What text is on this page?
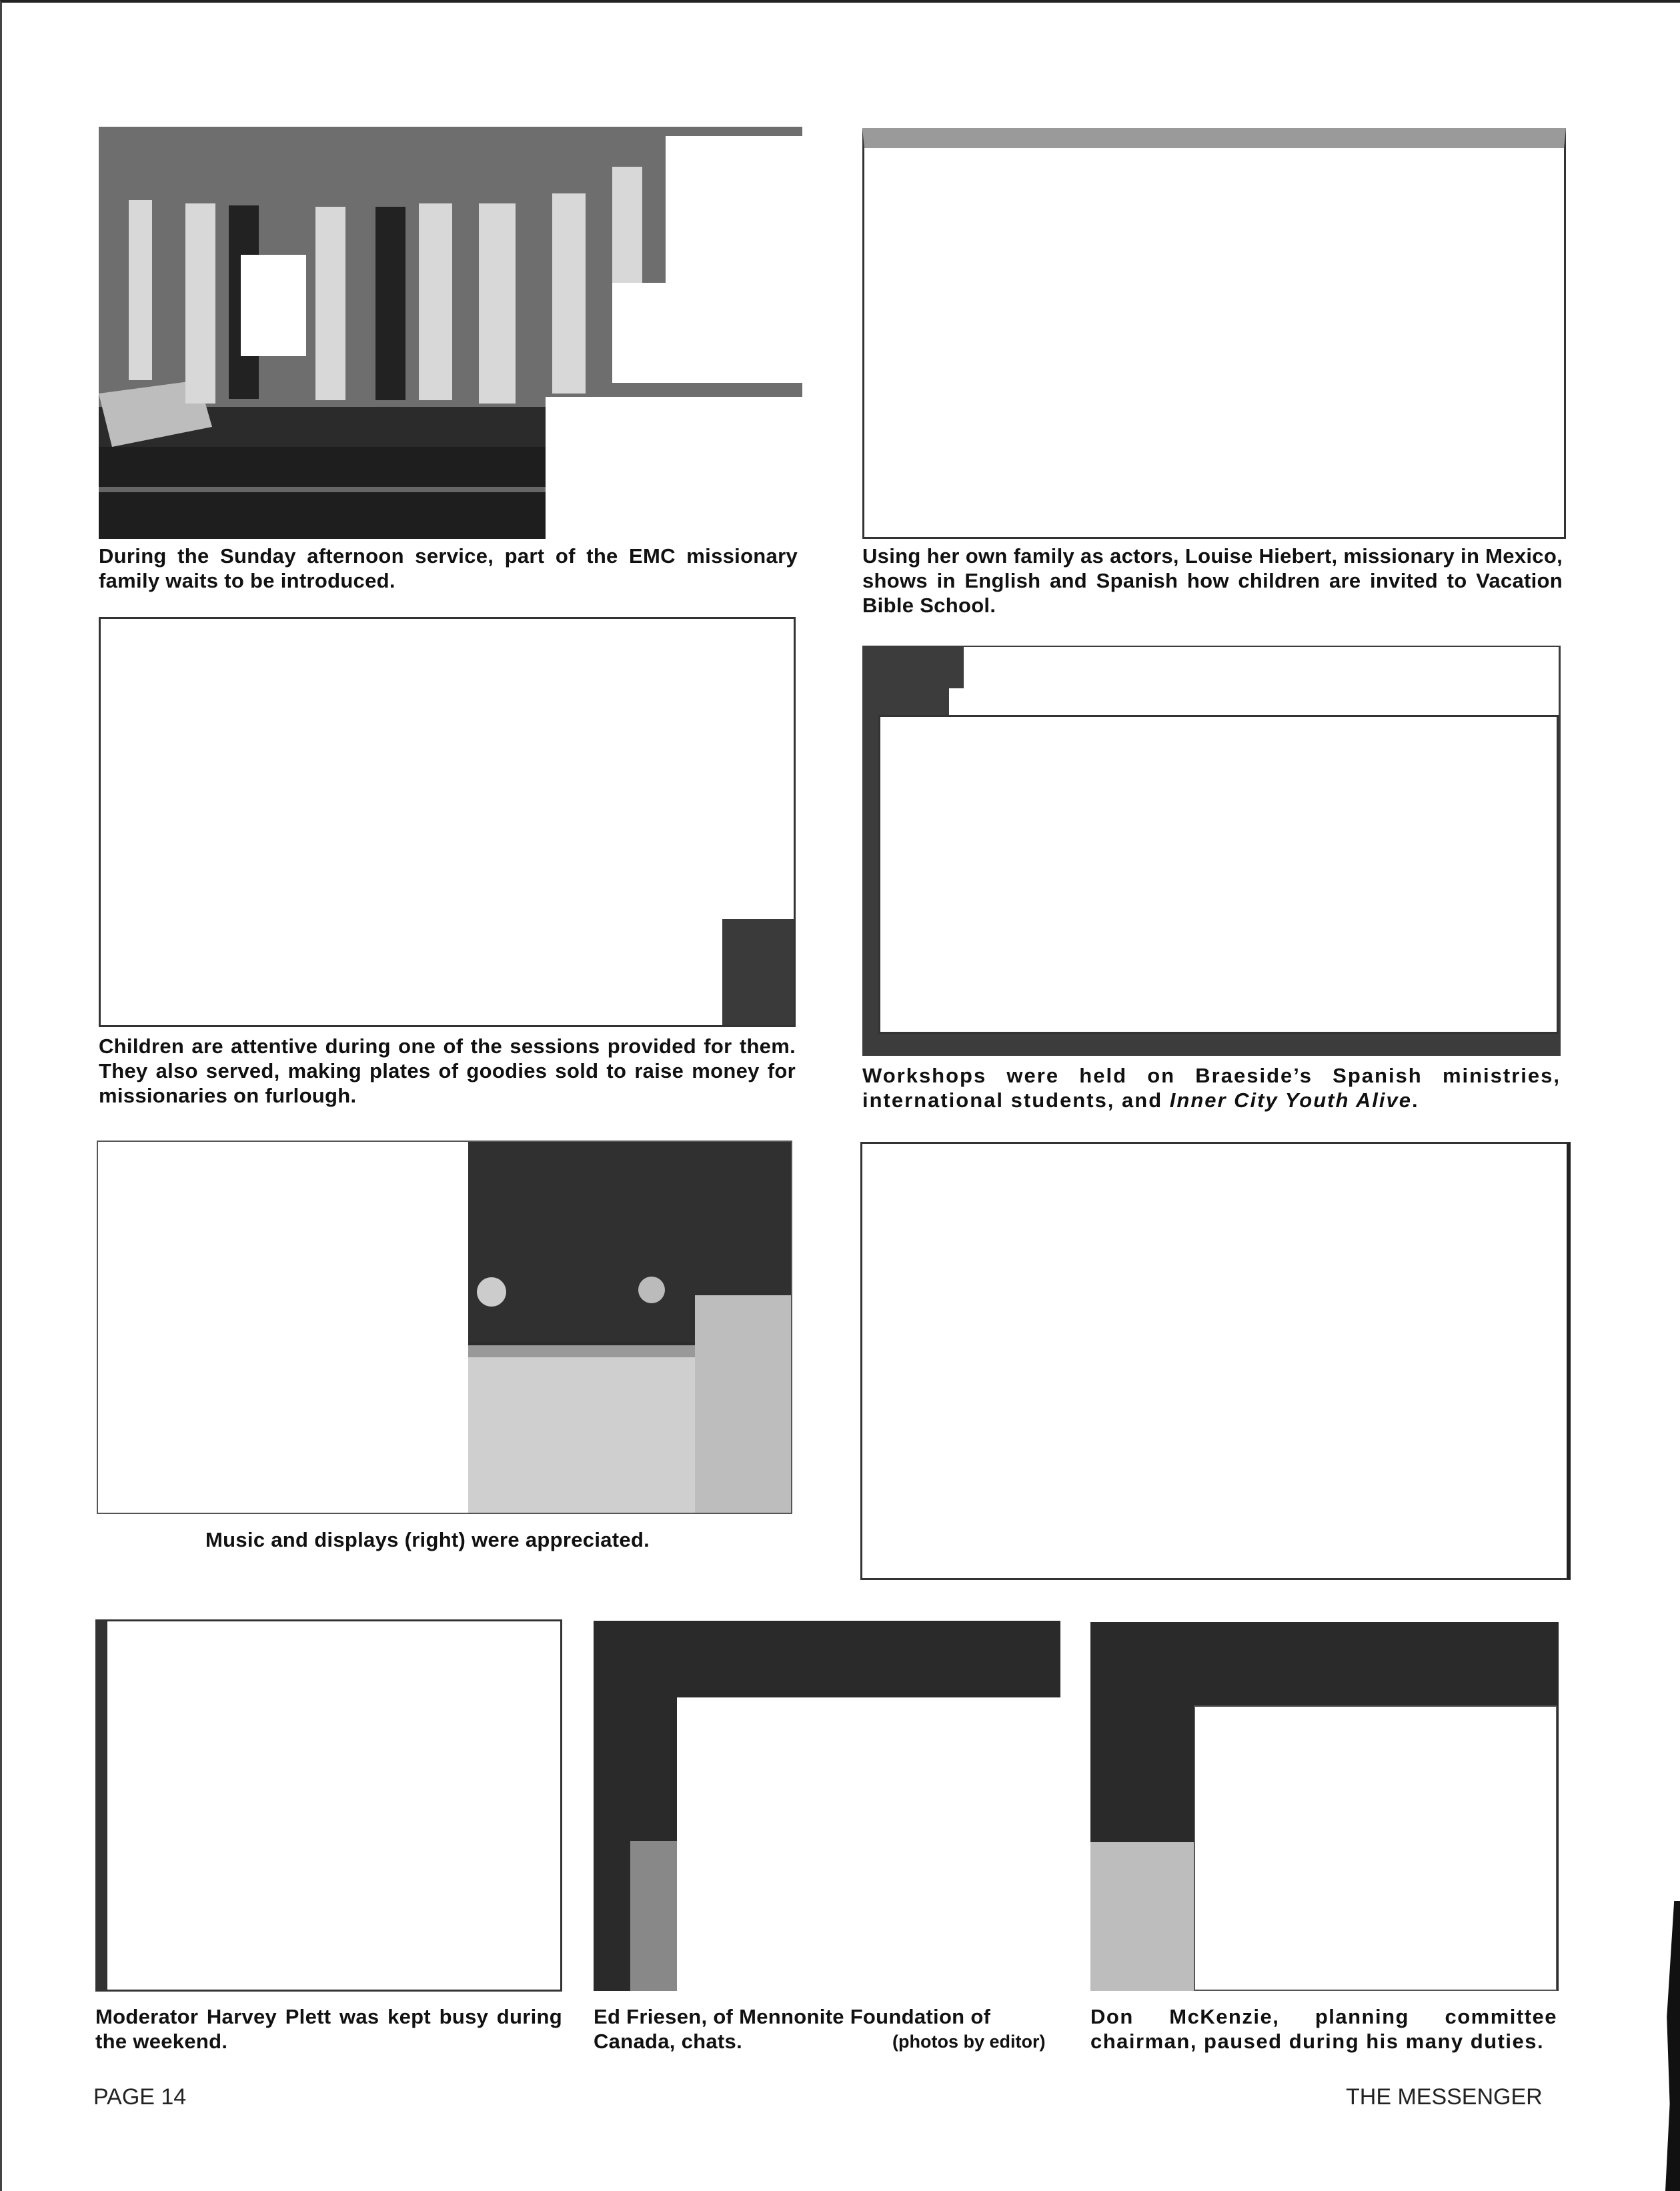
During the Sunday afternoon service, part of the EMC missionary family waits to be introduced.
Using her own family as actors, Louise Hiebert, missionary in Mexico, shows in English and Spanish how children are invited to Vacation Bible School.
Children are attentive during one of the sessions provided for them. They also served, making plates of goodies sold to raise money for missionaries on furlough.
Workshops were held on Braeside’s Spanish ministries, international students, and Inner City Youth Alive.
Music and displays (right) were appreciated.
Moderator Harvey Plett was kept busy during the weekend.
Ed Friesen, of Mennonite Foundation of Canada, chats.	(photos by editor)
Don McKenzie, planning committee chairman, paused during his many duties.
PAGE 14	THE MESSENGER
